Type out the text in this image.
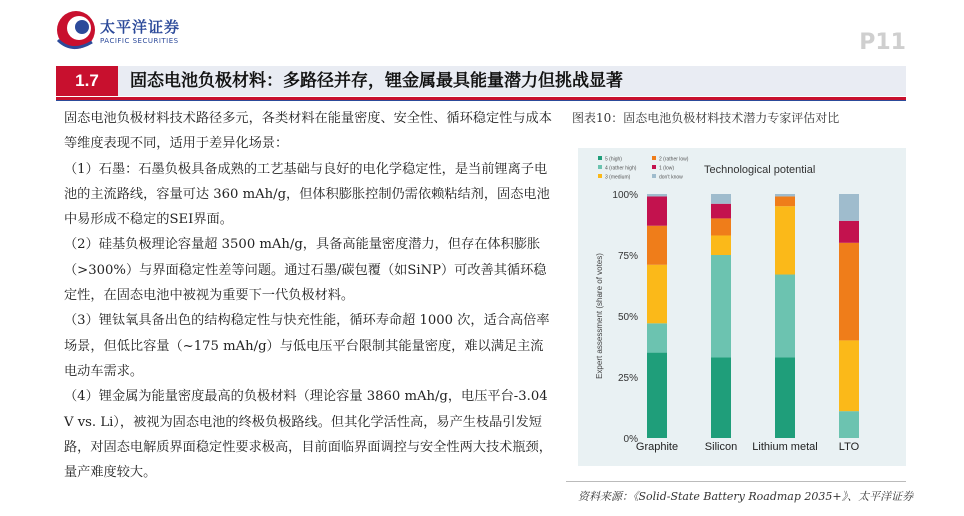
太平洋证券
PACIFIC SECURITIES	P11
1.7	固态电池负极材料：多路径并存，锂金属最具能量潜力但挑战显著

固态电池负极材料技术路径多元，各类材料在能量密度、安全性、循环稳定性与成本等维度表现不同，适用于差异化场景：

（1）石墨：石墨负极具备成熟的工艺基础与良好的电化学稳定性，是当前锂离子电池的主流路线，容量可达 360 mAh/g，但体积膨胀控制仍需依赖粘结剂，固态电池中易形成不稳定的SEI界面。

（2）硅基负极理论容量超 3500 mAh/g，具备高能量密度潜力，但存在体积膨胀（>300%）与界面稳定性差等问题。通过石墨/碳包覆（如SiNP）可改善其循环稳定性，在固态电池中被视为重要下一代负极材料。

（3）锂钛氧具备出色的结构稳定性与快充性能，循环寿命超 1000 次，适合高倍率场景，但低比容量（~175 mAh/g）与低电压平台限制其能量密度，难以满足主流电动车需求。

（4）锂金属为能量密度最高的负极材料（理论容量 3860 mAh/g，电压平台-3.04 V vs. Li），被视为固态电池的终极负极路线。但其化学活性高，易产生枝晶引发短路，对固态电解质界面稳定性要求极高，目前面临界面调控与安全性两大技术瓶颈，量产难度较大。

图表10：固态电池负极材料技术潜力专家评估对比
Technological potential
5 (high)
4 (rather high)
3 (medium)
2 (rather low)
1 (low)
don't know
0%
25%
50%
75%
100%
Expert assessment (share of votes)
Graphite Silicon Lithium metal LTO
资料来源：《Solid-State Battery Roadmap 2035+》、太平洋证券
